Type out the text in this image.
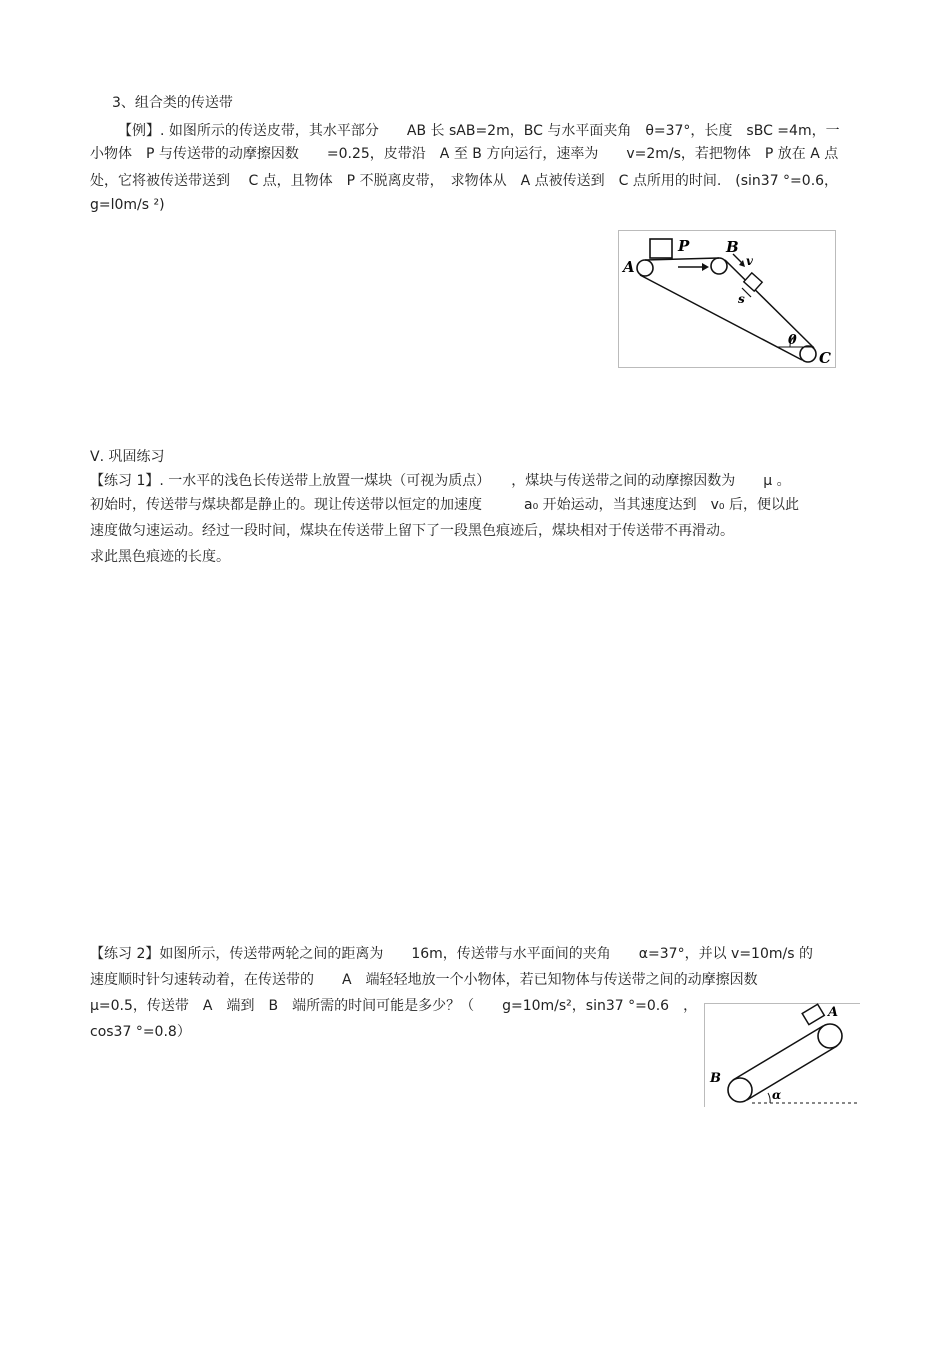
3、组合类的传送带
【例】. 如图所示的传送皮带，其水平部分　　AB 长 sAB=2m，BC 与水平面夹角　θ=37°，长度　sBC =4m，一
小物体　P 与传送带的动摩擦因数　　=0.25，皮带沿　A 至 B 方向运行，速率为　　v=2m/s，若把物体　P 放在 A 点
处，它将被传送带送到　 C 点，且物体　P 不脱离皮带，　求物体从　A 点被传送到　C 点所用的时间.　(sin37 °=0.6，
g=l0m/s ²)
A
P B
v
s
θ
C
Ⅴ. 巩固练习
【练习 1】. 一水平的浅色长传送带上放置一煤块（可视为质点）　　，煤块与传送带之间的动摩擦因数为　　μ 。
初始时，传送带与煤块都是静止的。现让传送带以恒定的加速度　　　a₀ 开始运动，当其速度达到　v₀ 后，便以此
速度做匀速运动。经过一段时间，煤块在传送带上留下了一段黑色痕迹后，煤块相对于传送带不再滑动。
求此黑色痕迹的长度。
【练习 2】如图所示，传送带两轮之间的距离为　　16m，传送带与水平面间的夹角　　α=37°，并以 v=10m/s 的
速度顺时针匀速转动着，在传送带的　　A　端轻轻地放一个小物体，若已知物体与传送带之间的动摩擦因数
μ=0.5，传送带　A　端到　B　端所需的时间可能是多少？（　　g=10m/s²，sin37 °=0.6　，
cos37 °=0.8）
A
B
α
